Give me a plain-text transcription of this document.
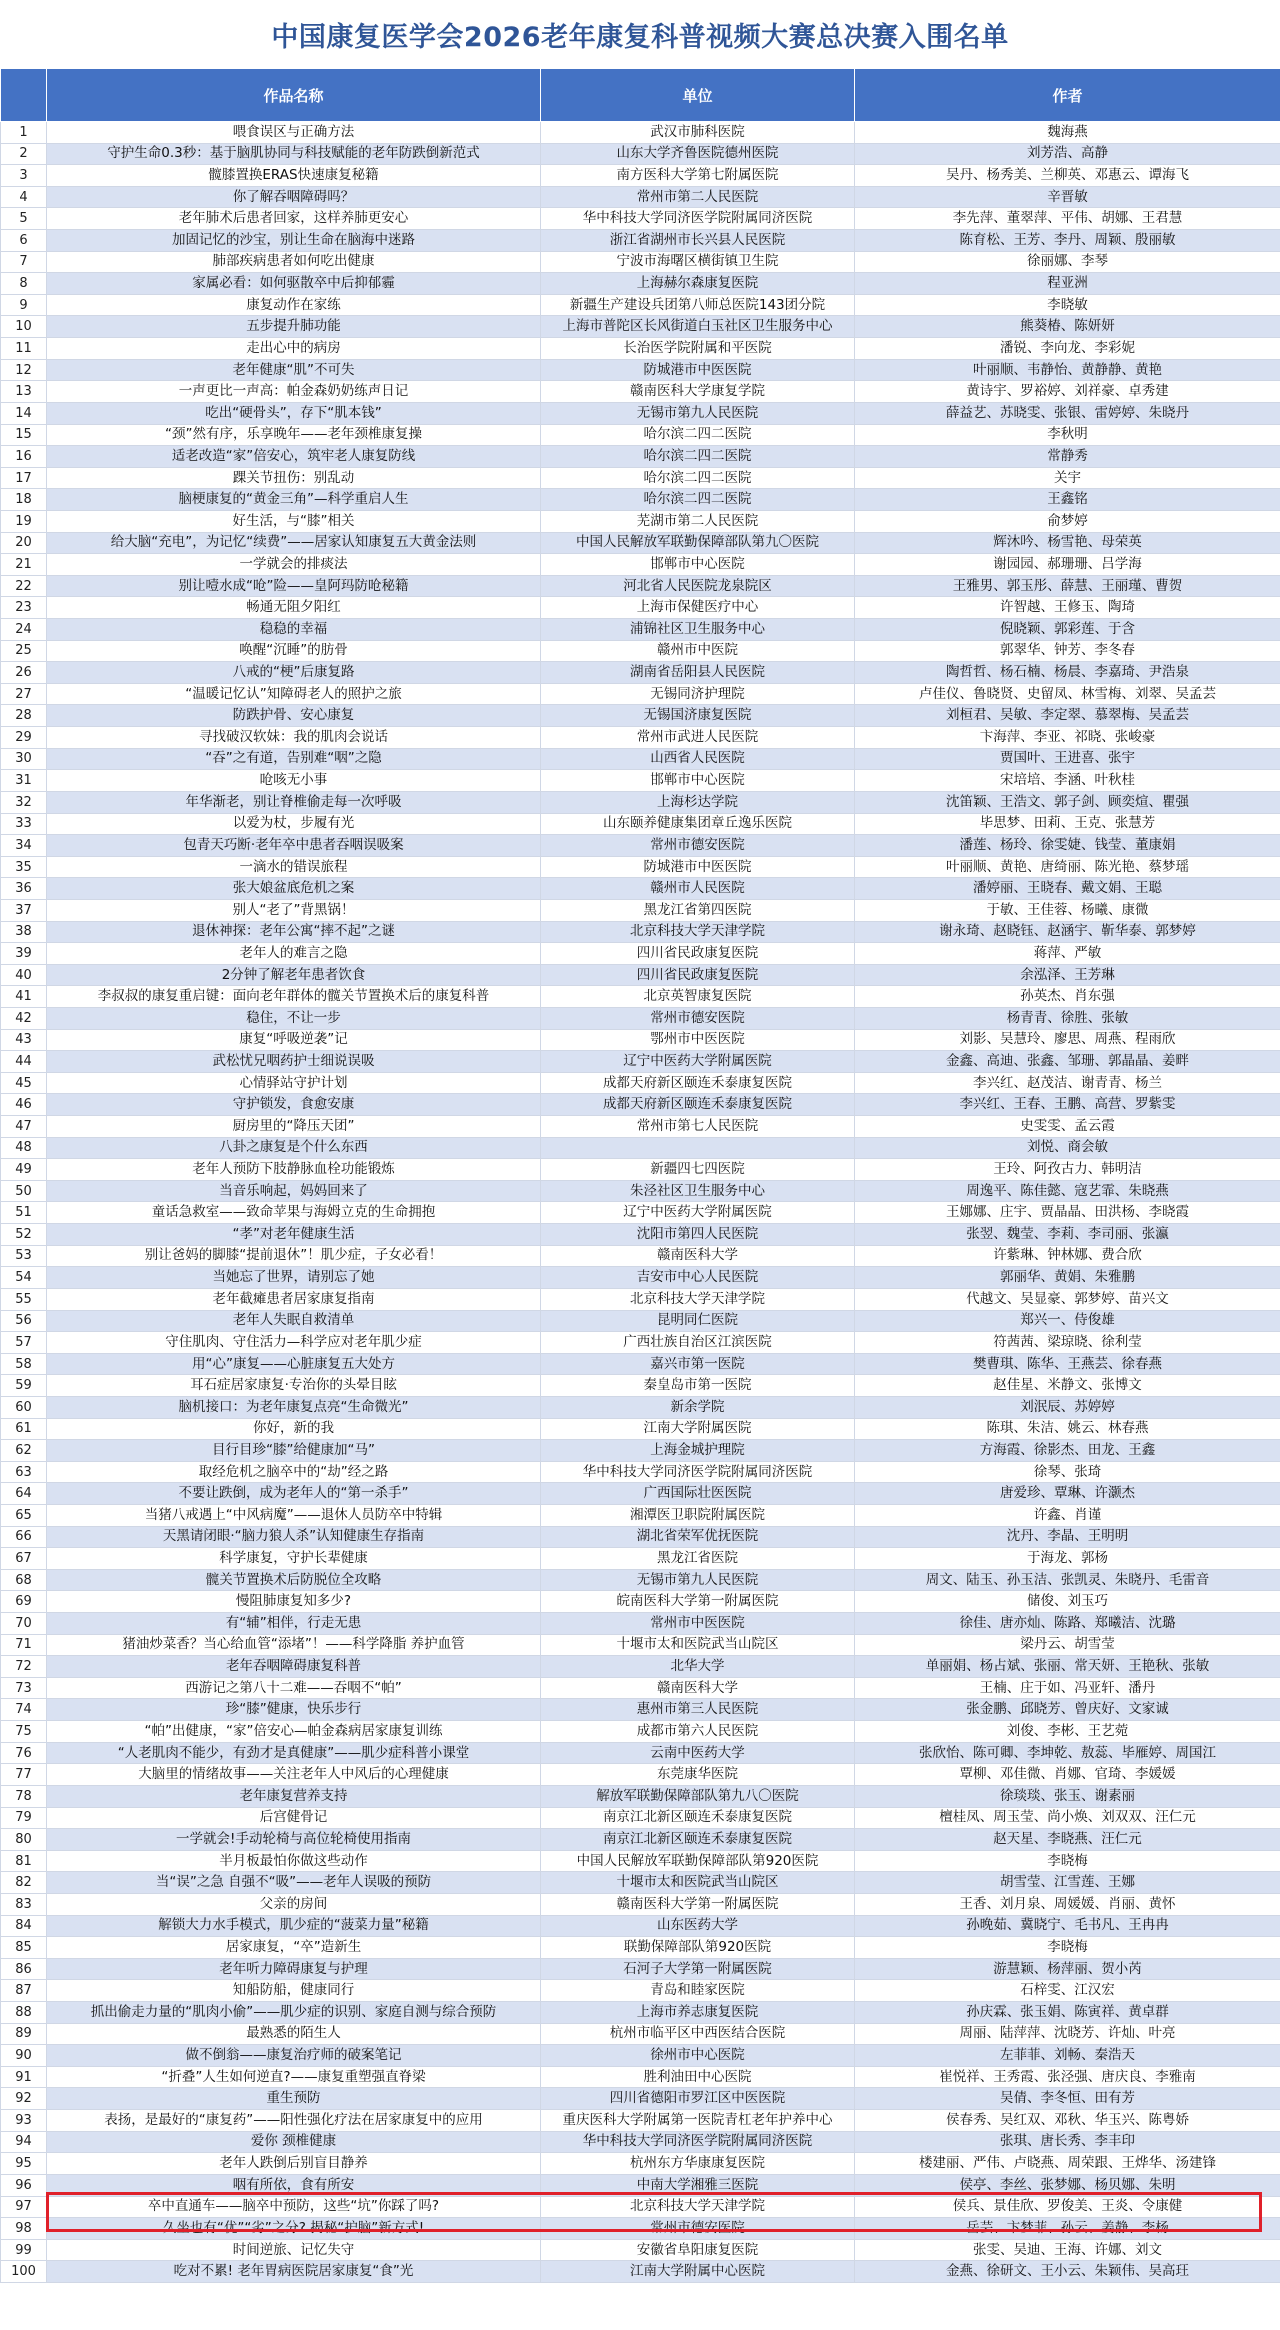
中国康复医学会2026老年康复科普视频大赛总决赛入围名单
	作品名称	单位	作者
1	喂食误区与正确方法	武汉市肺科医院	魏海燕
2	守护生命0.3秒：基于脑肌协同与科技赋能的老年防跌倒新范式	山东大学齐鲁医院德州医院	刘芳浩、高静
3	髋膝置换ERAS快速康复秘籍	南方医科大学第七附属医院	吴丹、杨秀美、兰柳英、邓惠云、谭海飞
4	你了解吞咽障碍吗？	常州市第二人民医院	辛晋敏
5	老年肺术后患者回家，这样养肺更安心	华中科技大学同济医学院附属同济医院	李先萍、董翠萍、平伟、胡娜、王君慧
6	加固记忆的沙宝，别让生命在脑海中迷路	浙江省湖州市长兴县人民医院	陈育松、王芳、李丹、周颖、殷丽敏
7	肺部疾病患者如何吃出健康	宁波市海曙区横街镇卫生院	徐丽娜、李琴
8	家属必看：如何驱散卒中后抑郁霾	上海赫尔森康复医院	程亚洲
9	康复动作在家练	新疆生产建设兵团第八师总医院143团分院	李晓敏
10	五步提升肺功能	上海市普陀区长风街道白玉社区卫生服务中心	熊葵椿、陈妍妍
11	走出心中的病房	长治医学院附属和平医院	潘锐、李向龙、李彩妮
12	老年健康“肌”不可失	防城港市中医医院	叶丽顺、韦静怡、黄静静、黄艳
13	一声更比一声高：帕金森奶奶练声日记	赣南医科大学康复学院	黄诗宇、罗裕婷、刘祥豪、卓秀建
14	吃出“硬骨头”，存下“肌本钱”	无锡市第九人民医院	薛益艺、苏晓雯、张银、雷婷婷、朱晓丹
15	“颈”然有序，乐享晚年——老年颈椎康复操	哈尔滨二四二医院	李秋明
16	适老改造“家”倍安心，筑牢老人康复防线	哈尔滨二四二医院	常静秀
17	踝关节扭伤：别乱动	哈尔滨二四二医院	关宇
18	脑梗康复的“黄金三角”—科学重启人生	哈尔滨二四二医院	王鑫铭
19	好生活，与“膝”相关	芜湖市第二人民医院	俞梦婷
20	给大脑“充电”，为记忆“续费”——居家认知康复五大黄金法则	中国人民解放军联勤保障部队第九〇医院	辉沐吟、杨雪艳、母荣英
21	一学就会的排痰法	邯郸市中心医院	谢园园、郝珊珊、吕学海
22	别让噎水成“呛”险——皇阿玛防呛秘籍	河北省人民医院龙泉院区	王雅男、郭玉彤、薛慧、王丽瑾、曹贺
23	畅通无阻夕阳红	上海市保健医疗中心	许智越、王修玉、陶琦
24	稳稳的幸福	浦锦社区卫生服务中心	倪晓颖、郭彩莲、于含
25	唤醒“沉睡”的肪骨	赣州市中医院	郭翠华、钟芳、李冬春
26	八戒的“梗”后康复路	湖南省岳阳县人民医院	陶哲哲、杨石楠、杨晨、李嘉琦、尹浩泉
27	“温暖记忆认”知障碍老人的照护之旅	无锡同济护理院	卢佳仪、鲁晓贤、史留凤、林雪梅、刘翠、吴孟芸
28	防跌护骨、安心康复	无锡国济康复医院	刘桓君、吴敏、李定翠、慕翠梅、吴孟芸
29	寻找破汉软妹：我的肌肉会说话	常州市武进人民医院	卞海萍、李亚、祁晓、张峻豪
30	“吞”之有道，告别难“咽”之隐	山西省人民医院	贾国叶、王进喜、张宇
31	呛咳无小事	邯郸市中心医院	宋培培、李涵、叶秋桂
32	年华渐老，别让脊椎偷走每一次呼吸	上海杉达学院	沈笛颖、王浩文、郭子剑、顾奕煊、瞿强
33	以爱为杖，步履有光	山东颐养健康集团章丘逸乐医院	毕思梦、田莉、王克、张慧芳
34	包青天巧断·老年卒中患者吞咽误吸案	常州市德安医院	潘莲、杨玲、徐雯婕、钱莹、董康娟
35	一滴水的错误旅程	防城港市中医医院	叶丽顺、黄艳、唐绮丽、陈光艳、蔡梦瑶
36	张大娘盆底危机之案	赣州市人民医院	潘婷丽、王晓春、戴文娟、王聪
37	别人“老了”背黑锅！	黑龙江省第四医院	于敏、王佳蓉、杨曦、康微
38	退休神探：老年公寓“摔不起”之谜	北京科技大学天津学院	谢永琦、赵晓钰、赵涵宇、靳华泰、郭梦婷
39	老年人的难言之隐	四川省民政康复医院	蒋萍、严敏
40	2分钟了解老年患者饮食	四川省民政康复医院	余泓泽、王芳琳
41	李叔叔的康复重启键：面向老年群体的髋关节置换术后的康复科普	北京英智康复医院	孙英杰、肖东强
42	稳住，不让一步	常州市德安医院	杨青青、徐胜、张敏
43	康复“呼吸逆袭”记	鄂州市中医医院	刘影、吴慧玲、廖思、周燕、程雨欣
44	武松忧兄咽药护士细说误吸	辽宁中医药大学附属医院	金鑫、高迪、张鑫、邹珊、郭晶晶、姜畔
45	心情驿站守护计划	成都天府新区颐连禾泰康复医院	李兴红、赵茂洁、谢青青、杨兰
46	守护锁发，食愈安康	成都天府新区颐连禾泰康复医院	李兴红、王春、王鹏、高营、罗紫雯
47	厨房里的“降压天团”	常州市第七人民医院	史雯雯、孟云霞
48	八卦之康复是个什么东西		刘悦、商会敏
49	老年人预防下肢静脉血栓功能锻炼	新疆四七四医院	王玲、阿孜古力、韩明洁
50	当音乐响起，妈妈回来了	朱泾社区卫生服务中心	周逸平、陈佳懿、寇艺霏、朱晓燕
51	童话急救室——致命苹果与海姆立克的生命拥抱	辽宁中医药大学附属医院	王娜娜、庄宇、贾晶晶、田洪杨、李晓霞
52	“孝”对老年健康生活	沈阳市第四人民医院	张翌、魏莹、李莉、李司丽、张瀛
53	别让爸妈的脚膝“提前退休”！肌少症，子女必看！	赣南医科大学	许紫琳、钟林娜、费合欣
54	当她忘了世界，请别忘了她	吉安市中心人民医院	郭丽华、黄娟、朱雅鹏
55	老年截瘫患者居家康复指南	北京科技大学天津学院	代越文、吴显豪、郭梦婷、苗兴文
56	老年人失眠自救清单	昆明同仁医院	郑兴一、侍俊雄
57	守住肌肉、守住活力—科学应对老年肌少症	广西壮族自治区江滨医院	符茜茜、梁琼晓、徐利莹
58	用“心”康复——心脏康复五大处方	嘉兴市第一医院	樊曹琪、陈华、王燕芸、徐春燕
59	耳石症居家康复·专治你的头晕目眩	秦皇岛市第一医院	赵佳星、米静文、张博文
60	脑机接口：为老年康复点亮“生命微光”	新余学院	刘泯辰、苏婷婷
61	你好，新的我	江南大学附属医院	陈琪、朱洁、姚云、林春燕
62	目行目珍“膝”给健康加“马”	上海金城护理院	方海霞、徐影杰、田龙、王鑫
63	取经危机之脑卒中的“劫”经之路	华中科技大学同济医学院附属同济医院	徐琴、张琦
64	不要让跌倒，成为老年人的“第一杀手”	广西国际壮医医院	唐爱珍、覃琳、许灏杰
65	当猪八戒遇上“中风病魔”——退休人员防卒中特辑	湘潭医卫职院附属医院	许鑫、肖谨
66	天黑请闭眼·“脑力狼人杀”认知健康生存指南	湖北省荣军优抚医院	沈丹、李晶、王明明
67	科学康复，守护长辈健康	黑龙江省医院	于海龙、郭杨
68	髋关节置换术后防脱位全攻略	无锡市第九人民医院	周文、陆玉、孙玉洁、张凯灵、朱晓丹、毛雷音
69	慢阻肺康复知多少?	皖南医科大学第一附属医院	储俊、刘玉巧
70	有“辅”相伴，行走无患	常州市中医医院	徐佳、唐亦灿、陈路、郑曦洁、沈璐
71	猪油炒菜香？当心给血管“添堵”！——科学降脂 养护血管	十堰市太和医院武当山院区	梁丹云、胡雪莹
72	老年吞咽障碍康复科普	北华大学	单丽娟、杨占斌、张丽、常天妍、王艳秋、张敏
73	西游记之第八十二难——吞咽不“帕”	赣南医科大学	王楠、庄于如、冯亚轩、潘丹
74	珍“膝”健康，快乐步行	惠州市第三人民医院	张金鹏、邱晓芳、曾庆好、文家诚
75	“帕”出健康，“家”倍安心—帕金森病居家康复训练	成都市第六人民医院	刘俊、李彬、王艺菀
76	“人老肌肉不能少，有劲才是真健康”——肌少症科普小课堂	云南中医药大学	张欣怡、陈可卿、李坤乾、敖蕊、毕雁婷、周国江
77	大脑里的情绪故事——关注老年人中风后的心理健康	东莞康华医院	覃柳、邓佳微、肖娜、官琦、李媛媛
78	老年康复营养支持	解放军联勤保障部队第九八〇医院	徐琰琰、张玉、谢素丽
79	后宫健骨记	南京江北新区颐连禾泰康复医院	檀桂凤、周玉莹、尚小焕、刘双双、汪仁元
80	一学就会!手动轮椅与高位轮椅使用指南	南京江北新区颐连禾泰康复医院	赵天星、李晓燕、汪仁元
81	半月板最怕你做这些动作	中国人民解放军联勤保障部队第920医院	李晓梅
82	当“误”之急 自强不“吸”——老年人误吸的预防	十堰市太和医院武当山院区	胡雪莹、江雪莲、王娜
83	父亲的房间	赣南医科大学第一附属医院	王香、刘月泉、周媛媛、肖丽、黄怀
84	解锁大力水手模式，肌少症的“菠菜力量”秘籍	山东医药大学	孙晚茹、冀晓宁、毛书凡、王冉冉
85	居家康复，“卒”造新生	联勤保障部队第920医院	李晓梅
86	老年听力障碍康复与护理	石河子大学第一附属医院	游慧颖、杨萍丽、贺小芮
87	知船防船，健康同行	青岛和睦家医院	石梓雯、江汉宏
88	抓出偷走力量的“肌肉小偷”——肌少症的识别、家庭自测与综合预防	上海市养志康复医院	孙庆霖、张玉娟、陈寅祥、黄卓群
89	最熟悉的陌生人	杭州市临平区中西医结合医院	周丽、陆萍萍、沈晓芳、许灿、叶亮
90	做不倒翁——康复治疗师的破案笔记	徐州市中心医院	左菲菲、刘畅、秦浩天
91	“折叠”人生如何逆直?——康复重塑强直脊梁	胜利油田中心医院	崔悦祥、王秀霞、张泾强、唐庆良、李雅南
92	重生预防	四川省德阳市罗江区中医医院	吴倩、李冬恒、田有芳
93	表扬，是最好的“康复药”——阳性强化疗法在居家康复中的应用	重庆医科大学附属第一医院青杠老年护养中心	侯春秀、吴红双、邓秋、华玉兴、陈粤娇
94	爱你 颈椎健康	华中科技大学同济医学院附属同济医院	张琪、唐长秀、李丰印
95	老年人跌倒后别盲目静养	杭州东方华康康复医院	楼建丽、严伟、卢晓燕、周荣跟、王烨华、汤建锋
96	咽有所依，食有所安	中南大学湘雅三医院	侯亭、李丝、张梦娜、杨贝娜、朱明
97	卒中直通车——脑卒中预防，这些“坑”你踩了吗?	北京科技大学天津学院	侯兵、景佳欣、罗俊美、王炎、令康健
98	久坐也有“优”“劣”之分? 揭秘“护脑”新方式!	常州市德安医院	岳芸、卞梦菲、孙云、姜静、李杨
99	时间逆旅、记忆失守	安徽省阜阳康复医院	张雯、吴迪、王海、许娜、刘文
100	吃对不累! 老年胃病医院居家康复“食”光	江南大学附属中心医院	金燕、徐研文、王小云、朱颖伟、吴高玨
